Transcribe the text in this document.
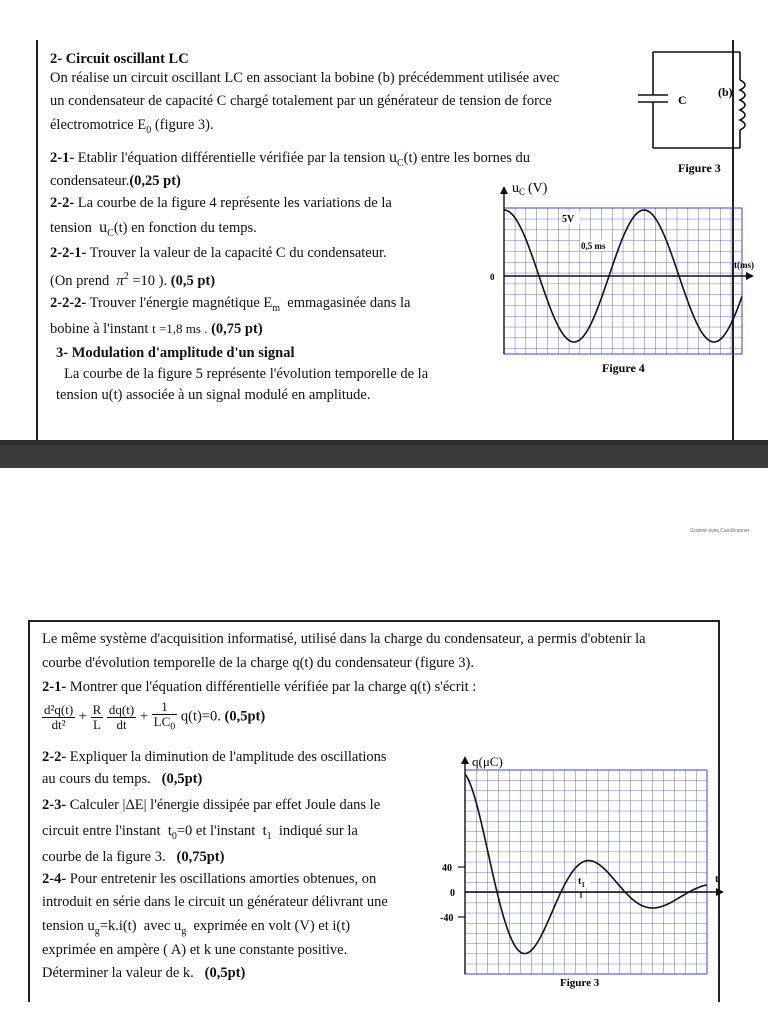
2- Circuit oscillant LC
On réalise un circuit oscillant LC en associant la bobine (b) précédemment utilisée avec
un condensateur de capacité C chargé totalement par un générateur de tension de force
électromotrice $E_0$ (figure 3).
2-1- Etablir l'équation différentielle vérifiée par la tension $u_C(t)$ entre les bornes du
condensateur.(0,25 pt)
2-2- La courbe de la figure 4 représente les variations de la
tension $u_C(t)$ en fonction du temps.
2-2-1- Trouver la valeur de la capacité C du condensateur.
(On prend $\pi^2 =10$ ). (0,5 pt)
2-2-2- Trouver l'énergie magnétique $E_m$ emmagasinée dans la
bobine à l'instant t =1,8 ms . (0,75 pt)
3- Modulation d'amplitude d'un signal
La courbe de la figure 5 représente l'évolution temporelle de la
tension u(t) associée à un signal modulé en amplitude.
C
(b)
Figure 3
5V
0,5 ms
$u_C$ (V)
0
t(ms)
Figure 4
Scanné avec CamScanner
Le même système d'acquisition informatisé, utilisé dans la charge du condensateur, a permis d'obtenir la
courbe d'évolution temporelle de la charge q(t) du condensateur (figure 3).
2-1- Montrer que l'équation différentielle vérifiée par la charge q(t) s'écrit :
$\frac{\text{d²q(t)}}{\text{dt²}} + \frac{R}{L}$
$\frac{dq(t)}{dt} + \frac{1}{LC_0} q(t)=0$. (0,5pt)
2-2- Expliquer la diminution de l'amplitude des oscillations
au cours du temps. (0,5pt)
2-3- Calculer |ΔE| l'énergie dissipée par effet Joule dans le
circuit entre l'instant $t_0=0$ et l'instant $t_1$ indiqué sur la
courbe de la figure 3. (0,75pt)
2-4- Pour entretenir les oscillations amorties obtenues, on
introduit en série dans le circuit un générateur délivrant une
tension $u_g=k.i(t)$ avec $u_g$ exprimée en volt (V) et i(t)
exprimée en ampère ( A) et k une constante positive.
Déterminer la valeur de k. (0,5pt)
q(μC)
40
0
-40
t
$t_1$
Figure 3
